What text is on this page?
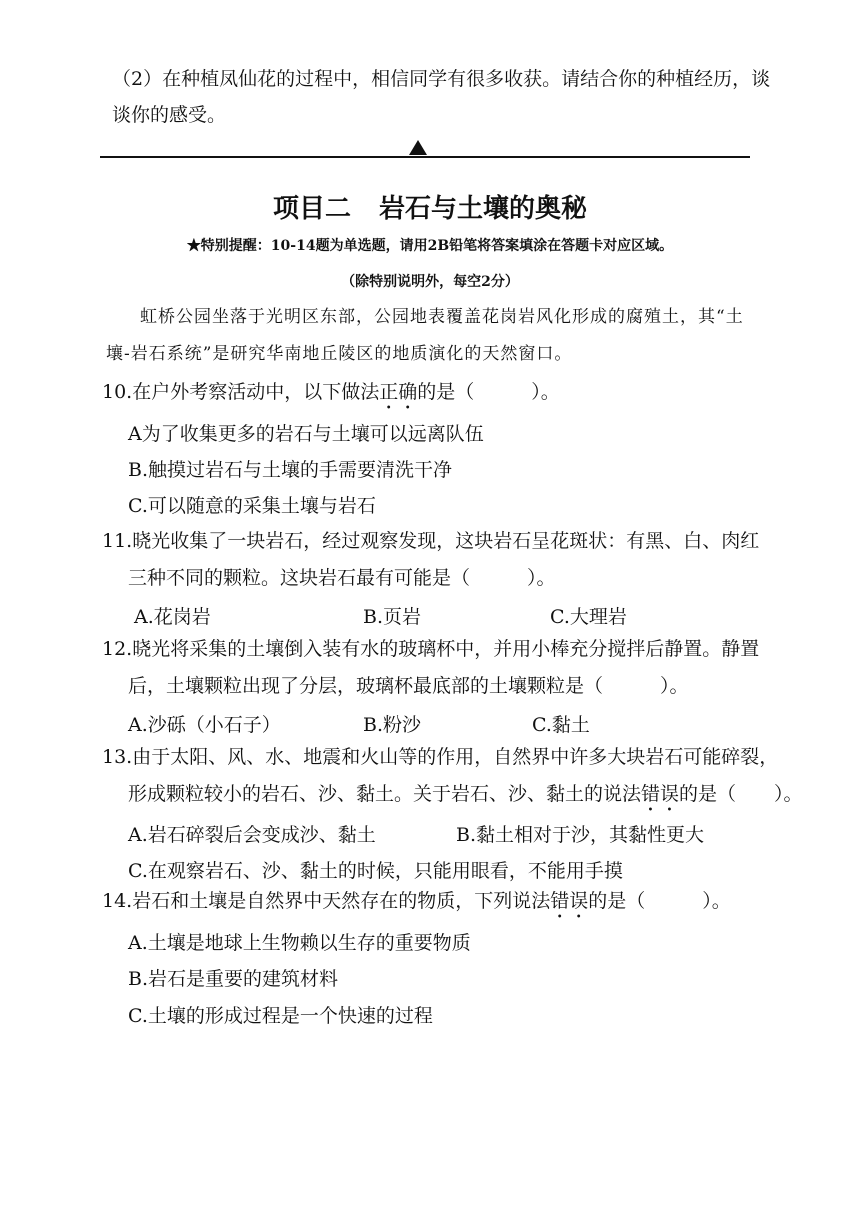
（2）在种植凤仙花的过程中，相信同学有很多收获。请结合你的种植经历，谈
谈你的感受。
项目二 岩石与土壤的奥秘
★特别提醒：10-14题为单选题，请用2B铅笔将答案填涂在答题卡对应区域。
（除特别说明外，每空2分）
虹桥公园坐落于光明区东部，公园地表覆盖花岗岩风化形成的腐殖土，其“土
壤-岩石系统”是研究华南地丘陵区的地质演化的天然窗口。
10.在户外考察活动中，以下做法正确的是（　　　）。
A为了收集更多的岩石与土壤可以远离队伍
B.触摸过岩石与土壤的手需要清洗干净
C.可以随意的采集土壤与岩石
11.晓光收集了一块岩石，经过观察发现，这块岩石呈花斑状：有黑、白、肉红
三种不同的颗粒。这块岩石最有可能是（　　　）。
A.花岗岩	B.页岩	C.大理岩
12.晓光将采集的土壤倒入装有水的玻璃杯中，并用小棒充分搅拌后静置。静置
后，土壤颗粒出现了分层，玻璃杯最底部的土壤颗粒是（　　　）。
A.沙砾（小石子）	B.粉沙	C.黏土
13.由于太阳、风、水、地震和火山等的作用，自然界中许多大块岩石可能碎裂，
形成颗粒较小的岩石、沙、黏土。关于岩石、沙、黏土的说法错误的是（　　）。
A.岩石碎裂后会变成沙、黏土	B.黏土相对于沙，其黏性更大
C.在观察岩石、沙、黏土的时候，只能用眼看，不能用手摸
14.岩石和土壤是自然界中天然存在的物质，下列说法错误的是（　　　）。
A.土壤是地球上生物赖以生存的重要物质
B.岩石是重要的建筑材料
C.土壤的形成过程是一个快速的过程
